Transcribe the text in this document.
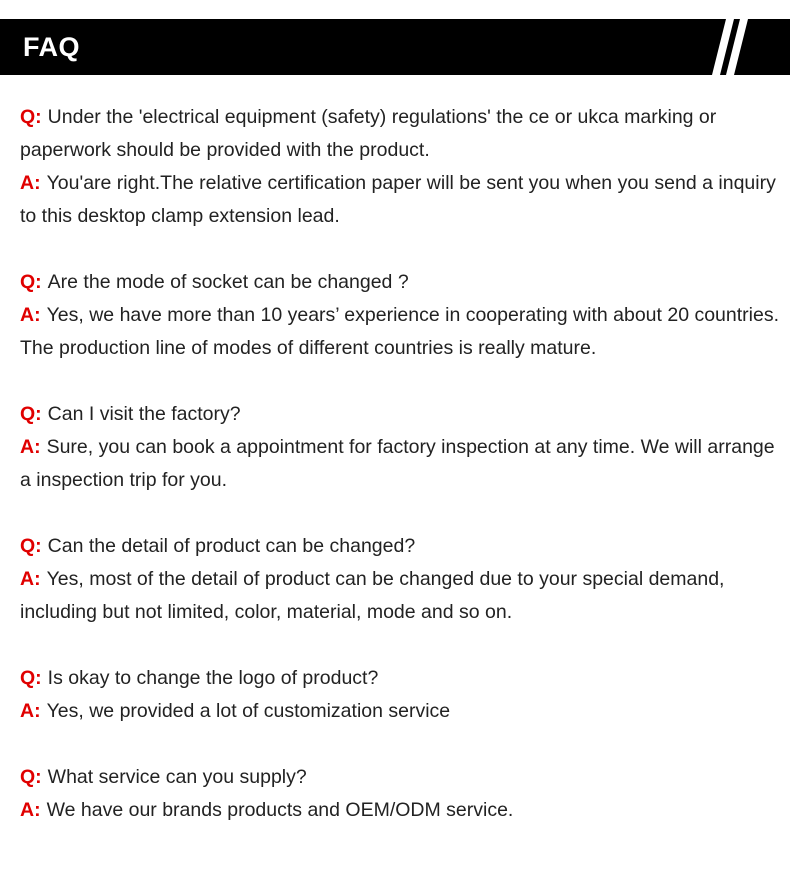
FAQ

Q: Under the 'electrical equipment (safety) regulations' the ce or ukca marking or paperwork should be provided with the product.

A: You'are right.The relative certification paper will be sent you when you send a inquiry to this desktop clamp extension lead.

Q: Are the mode of socket can be changed ?

A: Yes, we have more than 10 years’ experience in cooperating with about 20 countries. The production line of modes of different countries is really mature.

Q: Can I visit the factory?

A: Sure, you can book a appointment for factory inspection at any time. We will arrange a inspection trip for you.

Q: Can the detail of product can be changed?

A: Yes, most of the detail of product can be changed due to your special demand, including but not limited, color, material, mode and so on.

Q: Is okay to change the logo of product?

A: Yes, we provided a lot of customization service

Q: What service can you supply?

A: We have our brands products and OEM/ODM service.
